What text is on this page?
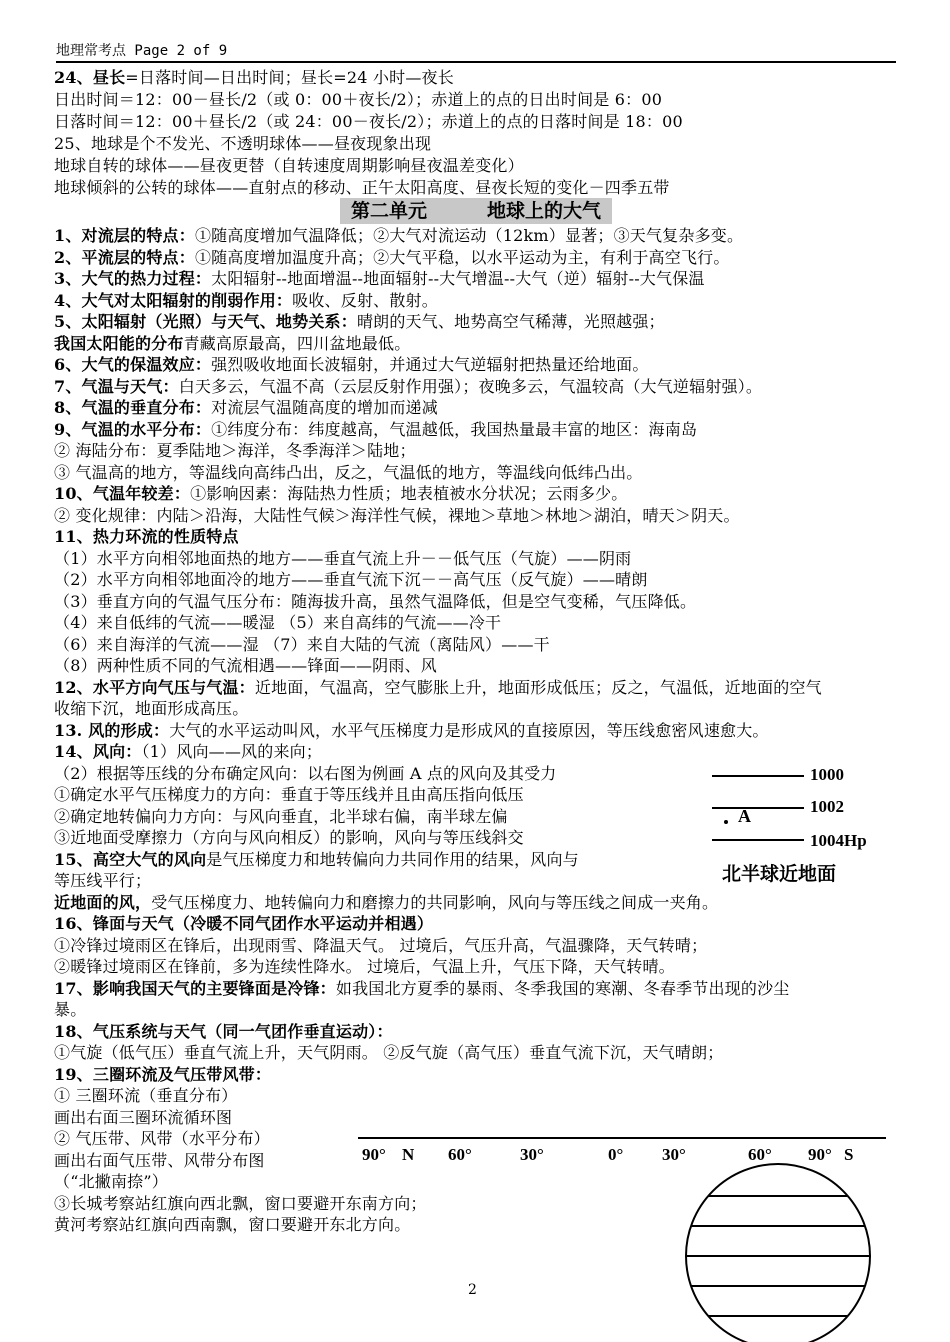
地理常考点 Page 2 of 9
24、昼长=日落时间—日出时间；昼长=24 小时—夜长
日出时间＝12：00－昼长/2（或 0：00＋夜长/2）；赤道上的点的日出时间是 6：00
日落时间＝12：00＋昼长/2（或 24：00－夜长/2）；赤道上的点的日落时间是 18：00
25、地球是个不发光、不透明球体——昼夜现象出现
地球自转的球体——昼夜更替（自转速度周期影响昼夜温差变化）
地球倾斜的公转的球体——直射点的移动、正午太阳高度、昼夜长短的变化－四季五带
第二单元	地球上的大气
1、对流层的特点：①随高度增加气温降低；②大气对流运动（12km）显著；③天气复杂多变。
2、平流层的特点：①随高度增加温度升高；②大气平稳，以水平运动为主，有利于高空飞行。
3、大气的热力过程：太阳辐射--地面增温--地面辐射--大气增温--大气（逆）辐射--大气保温
4、大气对太阳辐射的削弱作用：吸收、反射、散射。
5、太阳辐射（光照）与天气、地势关系：晴朗的天气、地势高空气稀薄，光照越强；
我国太阳能的分布青藏高原最高，四川盆地最低。
6、大气的保温效应：强烈吸收地面长波辐射，并通过大气逆辐射把热量还给地面。
7、气温与天气：白天多云，气温不高（云层反射作用强）；夜晚多云，气温较高（大气逆辐射强）。
8、气温的垂直分布：对流层气温随高度的增加而递减
9、气温的水平分布：①纬度分布：纬度越高，气温越低，我国热量最丰富的地区：海南岛
② 海陆分布：夏季陆地＞海洋，冬季海洋＞陆地；
③ 气温高的地方，等温线向高纬凸出，反之，气温低的地方，等温线向低纬凸出。
10、气温年较差：①影响因素：海陆热力性质；地表植被水分状况；云雨多少。
② 变化规律：内陆＞沿海，大陆性气候＞海洋性气候，裸地＞草地＞林地＞湖泊，晴天＞阴天。
11、热力环流的性质特点
（1）水平方向相邻地面热的地方——垂直气流上升－－低气压（气旋）——阴雨
（2）水平方向相邻地面冷的地方——垂直气流下沉－－高气压（反气旋）——晴朗
（3）垂直方向的气温气压分布：随海拔升高，虽然气温降低，但是空气变稀，气压降低。
（4）来自低纬的气流——暖湿 （5）来自高纬的气流——冷干
（6）来自海洋的气流——湿 （7）来自大陆的气流（离陆风）——干
（8）两种性质不同的气流相遇——锋面——阴雨、风
12、水平方向气压与气温：近地面，气温高，空气膨胀上升，地面形成低压；反之，气温低，近地面的空气
收缩下沉，地面形成高压。
13. 风的形成：大气的水平运动叫风，水平气压梯度力是形成风的直接原因，等压线愈密风速愈大。
14、风向：（1）风向——风的来向；
（2）根据等压线的分布确定风向：以右图为例画 A 点的风向及其受力
①确定水平气压梯度力的方向：垂直于等压线并且由高压指向低压
②确定地转偏向力方向：与风向垂直，北半球右偏，南半球左偏
③近地面受摩擦力（方向与风向相反）的影响，风向与等压线斜交
15、高空大气的风向是气压梯度力和地转偏向力共同作用的结果，风向与
等压线平行；
近地面的风，受气压梯度力、地转偏向力和磨擦力的共同影响，风向与等压线之间成一夹角。
16、锋面与天气（冷暖不同气团作水平运动并相遇）
①冷锋过境雨区在锋后，出现雨雪、降温天气。 过境后，气压升高，气温骤降，天气转晴；
②暖锋过境雨区在锋前，多为连续性降水。 过境后，气温上升，气压下降，天气转晴。
17、影响我国天气的主要锋面是冷锋：如我国北方夏季的暴雨、冬季我国的寒潮、冬春季节出现的沙尘
暴。
18、气压系统与天气（同一气团作垂直运动）：
①气旋（低气压）垂直气流上升，天气阴雨。 ②反气旋（高气压）垂直气流下沉，天气晴朗；
19、三圈环流及气压带风带：
① 三圈环流（垂直分布）
画出右面三圈环流循环图
② 气压带、风带（水平分布）
画出右面气压带、风带分布图
（“北撇南捺”）
③长城考察站红旗向西北飘，窗口要避开东南方向；
黄河考察站红旗向西南飘，窗口要避开东北方向。
1000
1002
1004Hp
A
北半球近地面
90° N 60°	30°	0° 30°	60° 90° S
2
